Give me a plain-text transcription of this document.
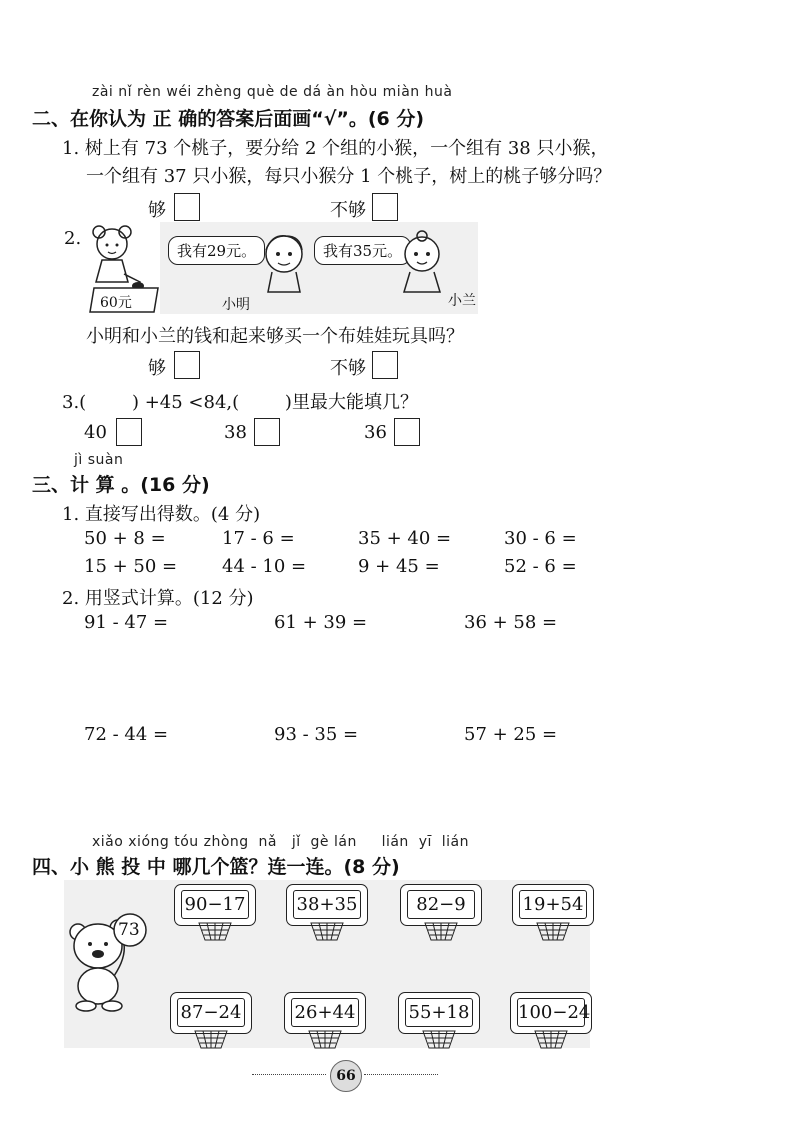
zài nǐ rèn wéi zhèng què de dá àn hòu miàn huà
二、在你认为 正 确的答案后面画“√”。(6 分)
1. 树上有 73 个桃子，要分给 2 个组的小猴，一个组有 38 只小猴，
一个组有 37 只小猴，每只小猴分 1 个桃子，树上的桃子够分吗？
够	不够
2.
60元
我有29元。
小明
我有35元。
小兰
小明和小兰的钱和起来够买一个布娃娃玩具吗？
够	不够
3.(        ) +45 <84,(        )里最大能填几？
40	38	36
jì suàn
三、计 算 。(16 分)
1. 直接写出得数。(4 分)
50 + 8 =	17 - 6 =	35 + 40 =	30 - 6 =
15 + 50 = 44 - 10 =	9 + 45 =	52 - 6 =
2. 用竖式计算。(12 分)
91 - 47 =	61 + 39 =	36 + 58 =
72 - 44 =	93 - 35 =	57 + 25 =
xiǎo xióng tóu zhòng  nǎ   jǐ  gè lán     lián  yī  lián
四、小 熊 投 中 哪几个篮？连一连。(8 分)
73
90−17	38+35	82−9	19+54
87−24	26+44	55+18	100−24
66
